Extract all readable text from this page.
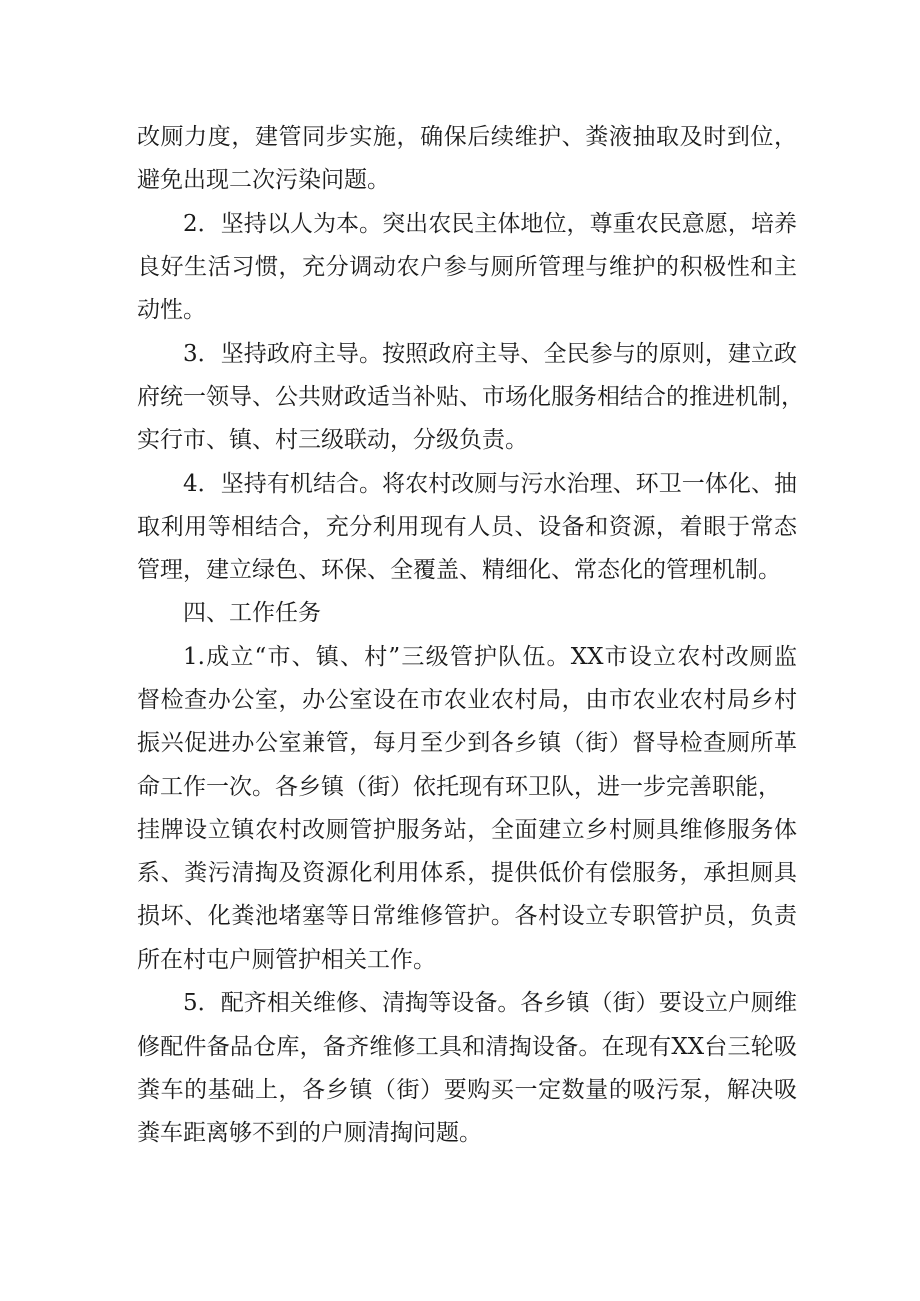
改厕力度，建管同步实施，确保后续维护、粪液抽取及时到位，
避免出现二次污染问题。
2．坚持以人为本。突出农民主体地位，尊重农民意愿，培养
良好生活习惯，充分调动农户参与厕所管理与维护的积极性和主
动性。
3．坚持政府主导。按照政府主导、全民参与的原则，建立政
府统一领导、公共财政适当补贴、市场化服务相结合的推进机制，
实行市、镇、村三级联动，分级负责。
4．坚持有机结合。将农村改厕与污水治理、环卫一体化、抽
取利用等相结合，充分利用现有人员、设备和资源，着眼于常态
管理，建立绿色、环保、全覆盖、精细化、常态化的管理机制。
四、工作任务
1.成立“市、镇、村”三级管护队伍。XX市设立农村改厕监
督检查办公室，办公室设在市农业农村局，由市农业农村局乡村
振兴促进办公室兼管，每月至少到各乡镇（街）督导检查厕所革
命工作一次。各乡镇（街）依托现有环卫队，进一步完善职能，
挂牌设立镇农村改厕管护服务站，全面建立乡村厕具维修服务体
系、粪污清掏及资源化利用体系，提供低价有偿服务，承担厕具
损坏、化粪池堵塞等日常维修管护。各村设立专职管护员，负责
所在村屯户厕管护相关工作。
5．配齐相关维修、清掏等设备。各乡镇（街）要设立户厕维
修配件备品仓库，备齐维修工具和清掏设备。在现有XX台三轮吸
粪车的基础上，各乡镇（街）要购买一定数量的吸污泵，解决吸
粪车距离够不到的户厕清掏问题。
